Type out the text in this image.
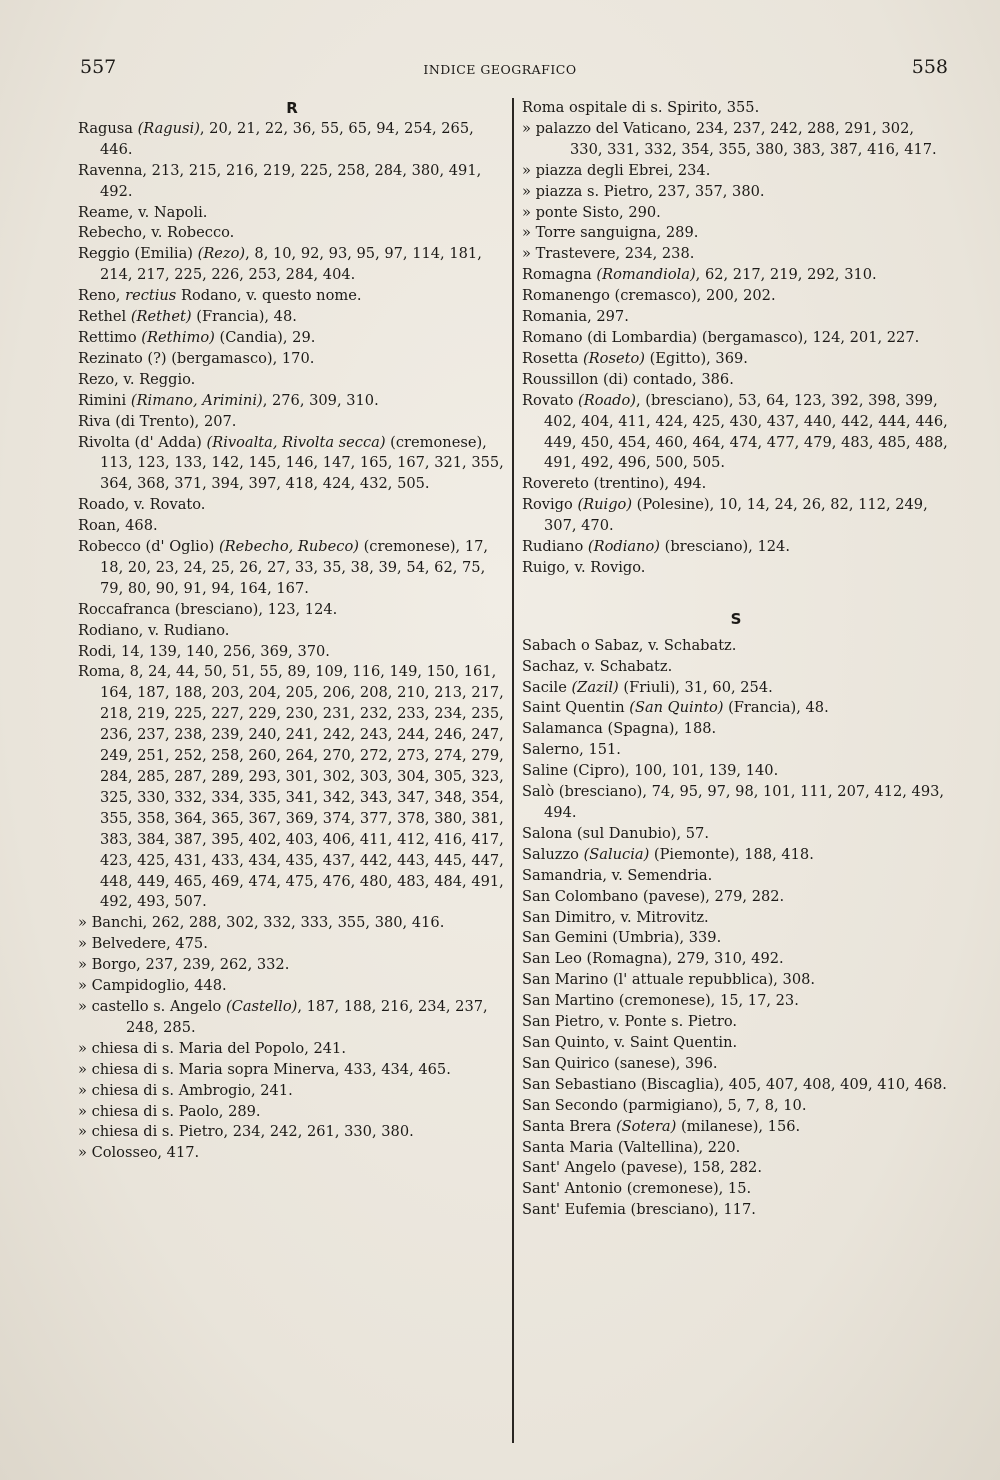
557	INDICE GEOGRAFICO	558

R

Ragusa (Ragusi), 20, 21, 22, 36, 55, 65, 94, 254, 265, 446.

Ravenna, 213, 215, 216, 219, 225, 258, 284, 380, 491, 492.

Reame, v. Napoli.

Rebecho, v. Robecco.

Reggio (Emilia) (Rezo), 8, 10, 92, 93, 95, 97, 114, 181, 214, 217, 225, 226, 253, 284, 404.

Reno, rectius Rodano, v. questo nome.

Rethel (Rethet) (Francia), 48.

Rettimo (Rethimo) (Candia), 29.

Rezinato (?) (bergamasco), 170.

Rezo, v. Reggio.

Rimini (Rimano, Arimini), 276, 309, 310.

Riva (di Trento), 207.

Rivolta (d' Adda) (Rivoalta, Rivolta secca) (cremonese), 113, 123, 133, 142, 145, 146, 147, 165, 167, 321, 355, 364, 368, 371, 394, 397, 418, 424, 432, 505.

Roado, v. Rovato.

Roan, 468.

Robecco (d' Oglio) (Rebecho, Rubeco) (cremonese), 17, 18, 20, 23, 24, 25, 26, 27, 33, 35, 38, 39, 54, 62, 75, 79, 80, 90, 91, 94, 164, 167.

Roccafranca (bresciano), 123, 124.

Rodiano, v. Rudiano.

Rodi, 14, 139, 140, 256, 369, 370.

Roma, 8, 24, 44, 50, 51, 55, 89, 109, 116, 149, 150, 161, 164, 187, 188, 203, 204, 205, 206, 208, 210, 213, 217, 218, 219, 225, 227, 229, 230, 231, 232, 233, 234, 235, 236, 237, 238, 239, 240, 241, 242, 243, 244, 246, 247, 249, 251, 252, 258, 260, 264, 270, 272, 273, 274, 279, 284, 285, 287, 289, 293, 301, 302, 303, 304, 305, 323, 325, 330, 332, 334, 335, 341, 342, 343, 347, 348, 354, 355, 358, 364, 365, 367, 369, 374, 377, 378, 380, 381, 383, 384, 387, 395, 402, 403, 406, 411, 412, 416, 417, 423, 425, 431, 433, 434, 435, 437, 442, 443, 445, 447, 448, 449, 465, 469, 474, 475, 476, 480, 483, 484, 491, 492, 493, 507.

» Banchi, 262, 288, 302, 332, 333, 355, 380, 416.

» Belvedere, 475.

» Borgo, 237, 239, 262, 332.

» Campidoglio, 448.

» castello s. Angelo (Castello), 187, 188, 216, 234, 237, 248, 285.

» chiesa di s. Maria del Popolo, 241.

» chiesa di s. Maria sopra Minerva, 433, 434, 465.

» chiesa di s. Ambrogio, 241.

» chiesa di s. Paolo, 289.

» chiesa di s. Pietro, 234, 242, 261, 330, 380.

» Colosseo, 417.

Roma ospitale di s. Spirito, 355.

» palazzo del Vaticano, 234, 237, 242, 288, 291, 302, 330, 331, 332, 354, 355, 380, 383, 387, 416, 417.

» piazza degli Ebrei, 234.

» piazza s. Pietro, 237, 357, 380.

» ponte Sisto, 290.

» Torre sanguigna, 289.

» Trastevere, 234, 238.

Romagna (Romandiola), 62, 217, 219, 292, 310.

Romanengo (cremasco), 200, 202.

Romania, 297.

Romano (di Lombardia) (bergamasco), 124, 201, 227.

Rosetta (Roseto) (Egitto), 369.

Roussillon (di) contado, 386.

Rovato (Roado), (bresciano), 53, 64, 123, 392, 398, 399, 402, 404, 411, 424, 425, 430, 437, 440, 442, 444, 446, 449, 450, 454, 460, 464, 474, 477, 479, 483, 485, 488, 491, 492, 496, 500, 505.

Rovereto (trentino), 494.

Rovigo (Ruigo) (Polesine), 10, 14, 24, 26, 82, 112, 249, 307, 470.

Rudiano (Rodiano) (bresciano), 124.

Ruigo, v. Rovigo.

S

Sabach o Sabaz, v. Schabatz.

Sachaz, v. Schabatz.

Sacile (Zazil) (Friuli), 31, 60, 254.

Saint Quentin (San Quinto) (Francia), 48.

Salamanca (Spagna), 188.

Salerno, 151.

Saline (Cipro), 100, 101, 139, 140.

Salò (bresciano), 74, 95, 97, 98, 101, 111, 207, 412, 493, 494.

Salona (sul Danubio), 57.

Saluzzo (Salucia) (Piemonte), 188, 418.

Samandria, v. Semendria.

San Colombano (pavese), 279, 282.

San Dimitro, v. Mitrovitz.

San Gemini (Umbria), 339.

San Leo (Romagna), 279, 310, 492.

San Marino (l' attuale repubblica), 308.

San Martino (cremonese), 15, 17, 23.

San Pietro, v. Ponte s. Pietro.

San Quinto, v. Saint Quentin.

San Quirico (sanese), 396.

San Sebastiano (Biscaglia), 405, 407, 408, 409, 410, 468.

San Secondo (parmigiano), 5, 7, 8, 10.

Santa Brera (Sotera) (milanese), 156.

Santa Maria (Valtellina), 220.

Sant' Angelo (pavese), 158, 282.

Sant' Antonio (cremonese), 15.

Sant' Eufemia (bresciano), 117.
